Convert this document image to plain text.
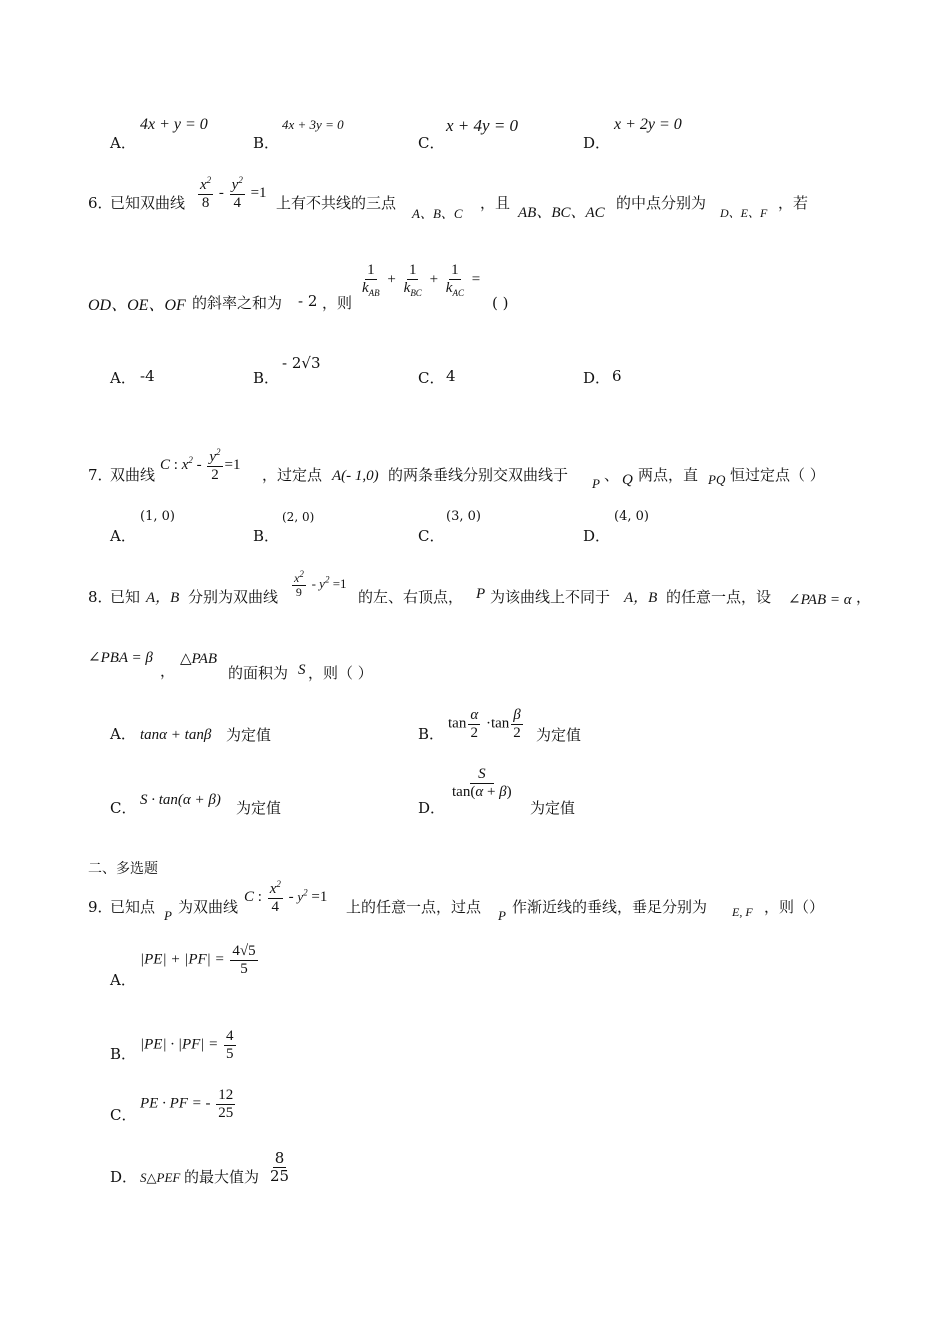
A．
4x + y = 0
B．
4x + 3y = 0
C．
x + 4y = 0
D．
x + 2y = 0
6．
已知双曲线 $\frac{x^2}{8} - \frac{y^2}{4} =1$
上有不共线的三点
A、B、C
，且
AB、BC、AC
的中点分别为
D、E、F
，若
OD、OE、OF 的斜率之和为 - 2 ，则
$\frac{1}{k_{AB}} + \frac{1}{k_{BC}} + \frac{1}{k_{AC}}$ =
( )
A． -4	B．
- 2√3
C． 4	D． 6
7．
双曲线
C : $x^2 - \frac{y^2}{2} =1$
，过定点 A(- 1,0) 的两条垂线分别交双曲线于 P 、 Q 两点，直 PQ 恒过定点（ ）
A．
(1, 0)
B．
(2, 0)
C．
(3, 0)
D．
(4, 0)
8．
已知 A，B 分别为双曲线 $\frac{x^2}{9} - y^2 =1$
的左、右顶点， P 为该曲线上不同于 A，B 的任意一点，设 ∠PAB = α ，
∠PBA = β
，
△PAB
的面积为 S ，则（ ）
A． tanα + tanβ 为定值	B．
$\tan \frac{\alpha}{2} \cdot\tan \frac{\beta}{2}$ 为定值
C． S · tan(α + β) 为定值	D．
$\frac{S}{\tan(\alpha + \beta)}$
为定值
二、多选题
9．
已知点 P 为双曲线
C : $\frac{x^2}{4} - y^2 =1$
上的任意一点，过点 P 作渐近线的垂线，垂足分别为 E, F ，则（）
A．
$|PE| + |PF| = \frac{4√5}{5}$
B．
$|PE| \cdot |PF| = \frac{4}{5}$
C．
PE · PF = - $\frac{12}{25}$
D． S△PEF 的最大值为 $\frac{8}{25}$
